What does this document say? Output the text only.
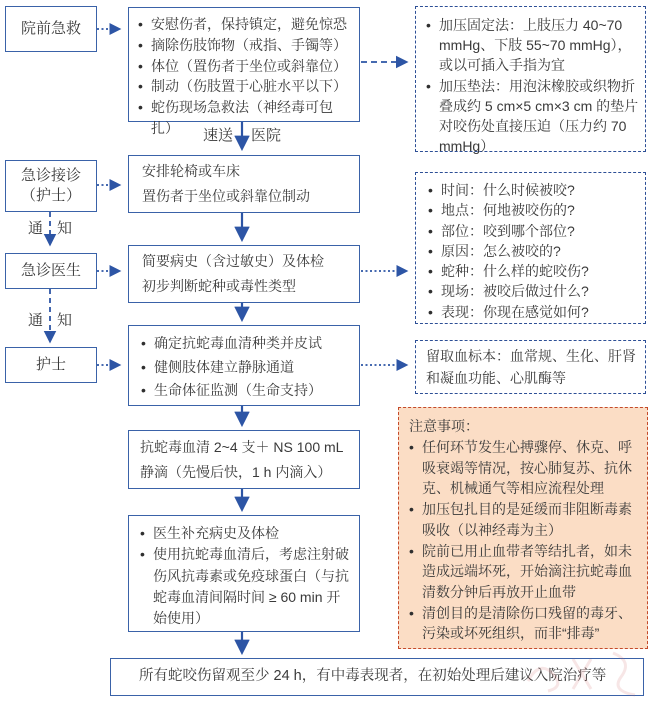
院前急救
急诊接诊
（护士）
急诊医生
护士
通 知
通 知
• 安慰伤者，保持镇定，避免惊恐
• 摘除伤肢饰物（戒指、手镯等）
• 体位（置伤者于坐位或斜靠位）
• 制动（伤肢置于心脏水平以下）
• 蛇伤现场急救法（神经毒可包扎）	速送 医院
安排轮椅或车床
置伤者于坐位或斜靠位制动
简要病史（含过敏史）及体检
初步判断蛇种或毒性类型
• 确定抗蛇毒血清种类并皮试
• 健侧肢体建立静脉通道
• 生命体征监测（生命支持）
抗蛇毒血清 2~4 支＋ NS 100 mL
静滴（先慢后快，1 h 内滴入）
• 医生补充病史及体检
• 使用抗蛇毒血清后，考虑注射破伤风抗毒素或免疫球蛋白（与抗蛇毒血清间隔时间 ≥ 60 min 开始使用）
所有蛇咬伤留观至少 24 h，有中毒表现者，在初始处理后建议入院治疗等
• 加压固定法：上肢压力 40~70 mmHg、下肢 55~70 mmHg），或以可插入手指为宜
• 加压垫法：用泡沫橡胶或织物折叠成约 5 cm×5 cm×3 cm 的垫片对咬伤处直接压迫（压力约 70 mmHg）
• 时间：什么时候被咬?
• 地点：何地被咬伤的?
• 部位：咬到哪个部位?
• 原因：怎么被咬的?
• 蛇种：什么样的蛇咬伤?
• 现场：被咬后做过什么?
• 表现：你现在感觉如何?
留取血标本：血常规、生化、肝肾和凝血功能、心肌酶等
注意事项：
• 任何环节发生心搏骤停、休克、呼吸衰竭等情况，按心肺复苏、抗休克、机械通气等相应流程处理
• 加压包扎目的是延缓而非阻断毒素吸收（以神经毒为主）
• 院前已用止血带者等结扎者，如未造成远端坏死，开始滴注抗蛇毒血清数分钟后再放开止血带
• 清创目的是清除伤口残留的毒牙、污染或坏死组织，而非“排毒”
